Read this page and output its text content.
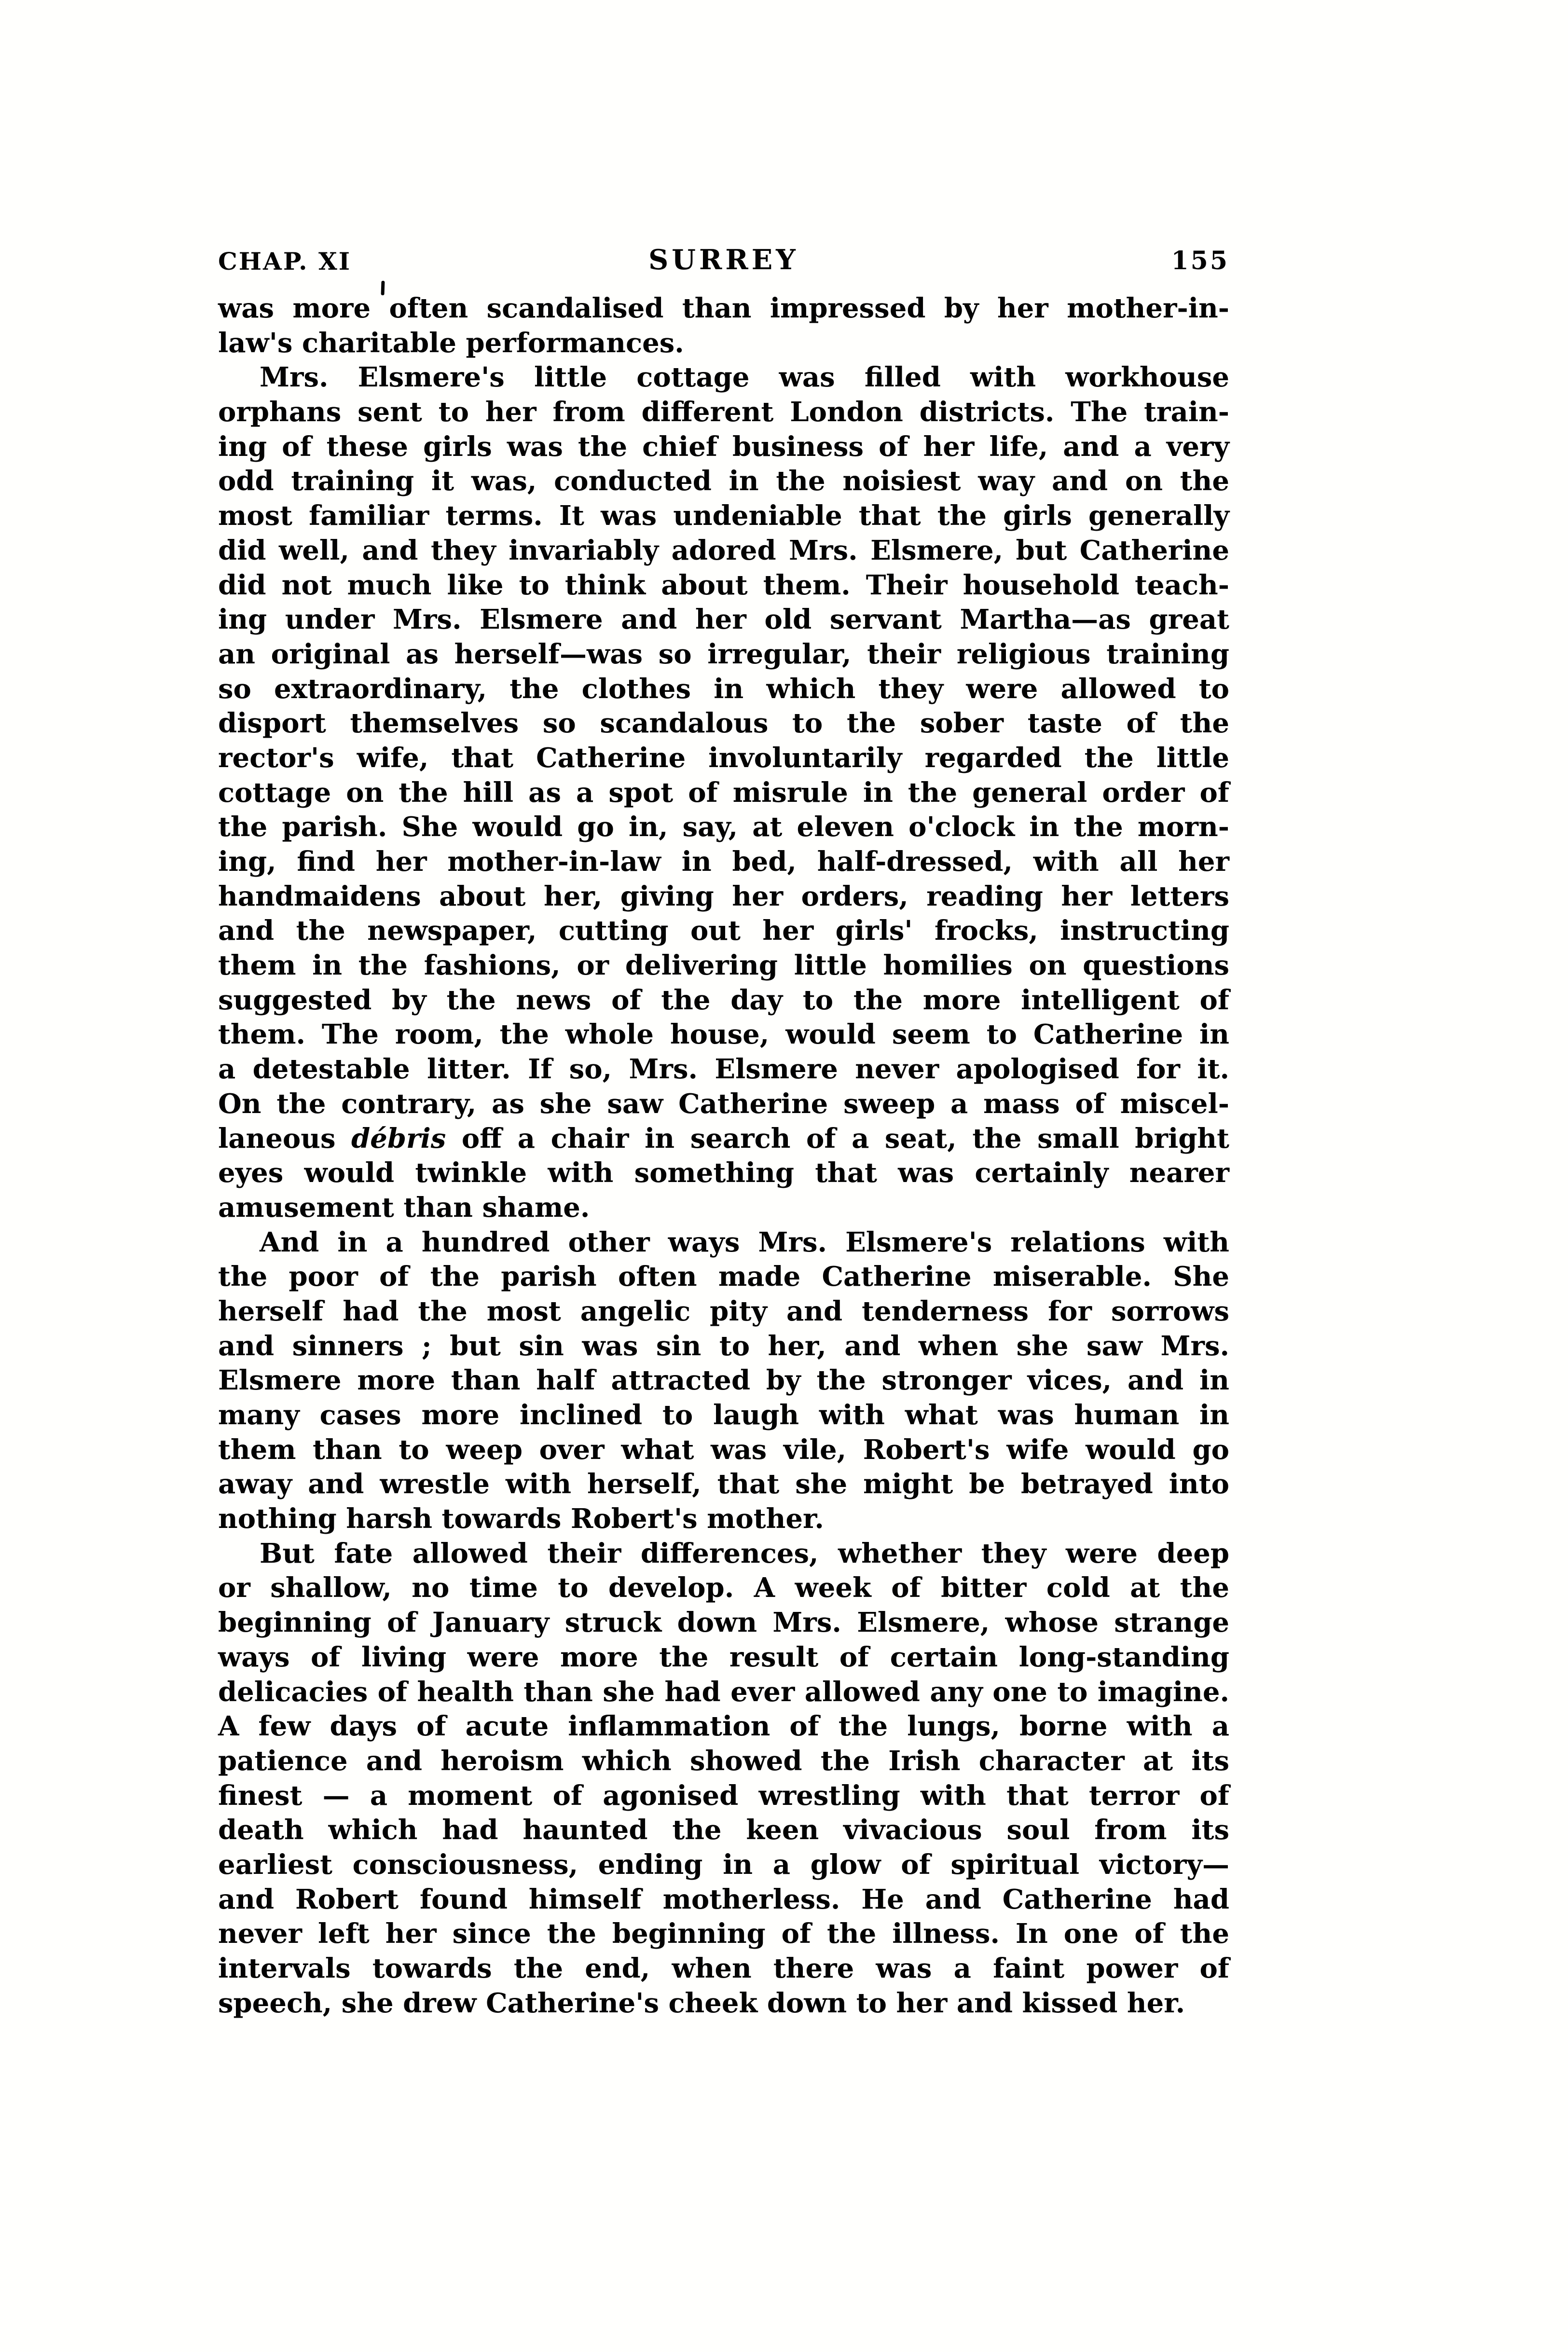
CHAP. XI	SURREY	155
was more often scandalised than impressed by her mother-in-
law's charitable performances.
Mrs. Elsmere's little cottage was filled with workhouse
orphans sent to her from different London districts. The train-
ing of these girls was the chief business of her life, and a very
odd training it was, conducted in the noisiest way and on the
most familiar terms. It was undeniable that the girls generally
did well, and they invariably adored Mrs. Elsmere, but Catherine
did not much like to think about them. Their household teach-
ing under Mrs. Elsmere and her old servant Martha—as great
an original as herself—was so irregular, their religious training
so extraordinary, the clothes in which they were allowed to
disport themselves so scandalous to the sober taste of the
rector's wife, that Catherine involuntarily regarded the little
cottage on the hill as a spot of misrule in the general order of
the parish. She would go in, say, at eleven o'clock in the morn-
ing, find her mother-in-law in bed, half-dressed, with all her
handmaidens about her, giving her orders, reading her letters
and the newspaper, cutting out her girls' frocks, instructing
them in the fashions, or delivering little homilies on questions
suggested by the news of the day to the more intelligent of
them. The room, the whole house, would seem to Catherine in
a detestable litter. If so, Mrs. Elsmere never apologised for it.
On the contrary, as she saw Catherine sweep a mass of miscel-
laneous débris off a chair in search of a seat, the small bright
eyes would twinkle with something that was certainly nearer
amusement than shame.
And in a hundred other ways Mrs. Elsmere's relations with
the poor of the parish often made Catherine miserable. She
herself had the most angelic pity and tenderness for sorrows
and sinners ; but sin was sin to her, and when she saw Mrs.
Elsmere more than half attracted by the stronger vices, and in
many cases more inclined to laugh with what was human in
them than to weep over what was vile, Robert's wife would go
away and wrestle with herself, that she might be betrayed into
nothing harsh towards Robert's mother.
But fate allowed their differences, whether they were deep
or shallow, no time to develop. A week of bitter cold at the
beginning of January struck down Mrs. Elsmere, whose strange
ways of living were more the result of certain long-standing
delicacies of health than she had ever allowed any one to imagine.
A few days of acute inflammation of the lungs, borne with a
patience and heroism which showed the Irish character at its
finest — a moment of agonised wrestling with that terror of
death which had haunted the keen vivacious soul from its
earliest consciousness, ending in a glow of spiritual victory—
and Robert found himself motherless. He and Catherine had
never left her since the beginning of the illness. In one of the
intervals towards the end, when there was a faint power of
speech, she drew Catherine's cheek down to her and kissed her.
